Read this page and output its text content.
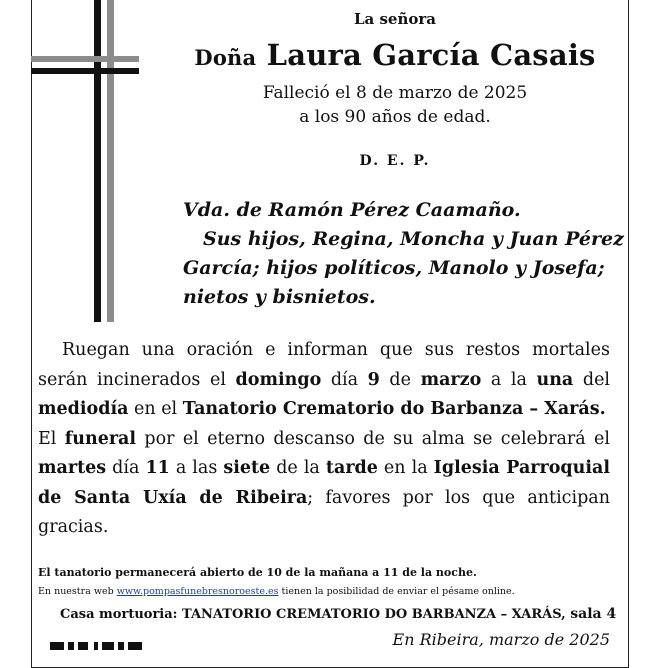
La señora
Doña Laura García Casais
Falleció el 8 de marzo de 2025
a los 90 años de edad.
D. E. P.
Vda. de Ramón Pérez Caamaño.
Sus hijos, Regina, Moncha y Juan Pérez
García; hijos políticos, Manolo y Josefa;
nietos y bisnietos.

Ruegan una oración e informan que sus restos mortales serán incinerados el domingo día 9 de marzo a la una del mediodía en el Tanatorio Crematorio do Barbanza – Xarás.

El funeral por el eterno descanso de su alma se celebrará el martes día 11 a las siete de la tarde en la Iglesia Parroquial de Santa Uxía de Ribeira; favores por los que anticipan gracias.

El tanatorio permanecerá abierto de 10 de la mañana a 11 de la noche.
En nuestra web www.pompasfunebresnoroeste.es tienen la posibilidad de enviar el pésame online.
Casa mortuoria: TANATORIO CREMATORIO DO BARBANZA – XARÁS, sala 4
En Ribeira, marzo de 2025
